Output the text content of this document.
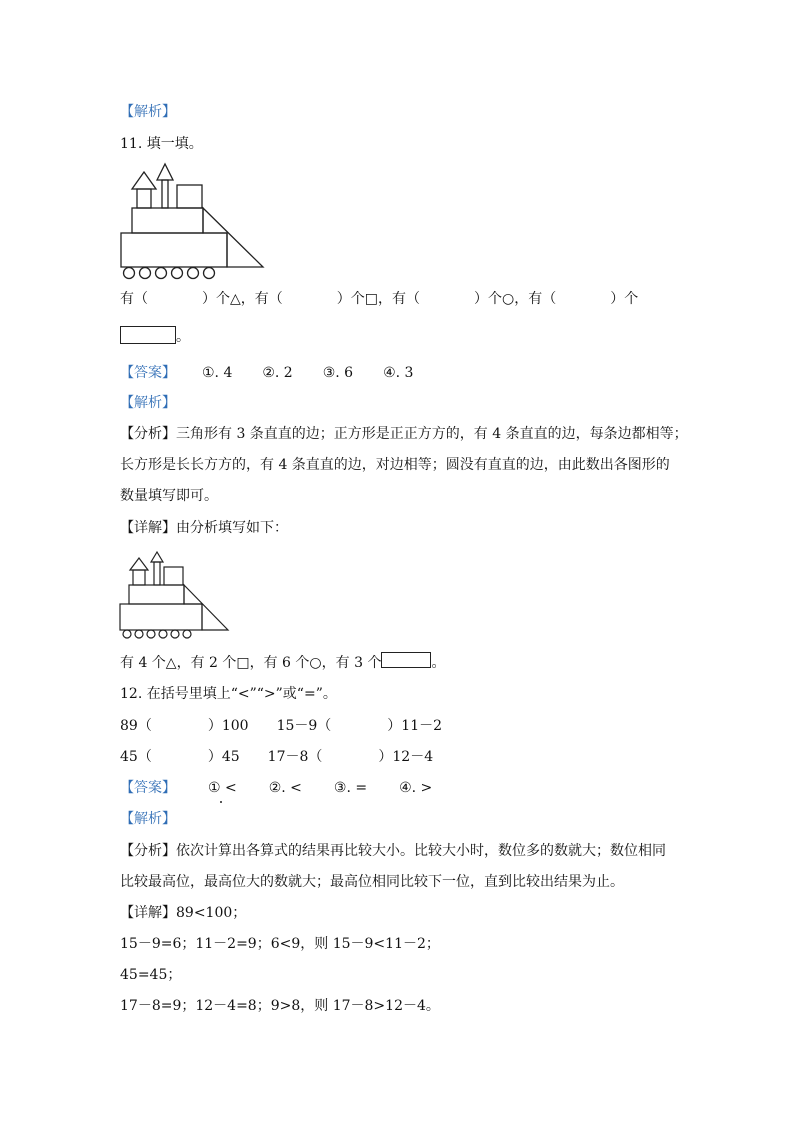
【解析】
11. 填一填。
有（	）个△，有（	）个□，有（	）个○，有（	）个
。
【答案】 ①. 4 ②. 2 ③. 6 ④. 3
【解析】
【分析】三角形有 3 条直直的边；正方形是正正方方的，有 4 条直直的边，每条边都相等；
长方形是长长方方的，有 4 条直直的边，对边相等；圆没有直直的边，由此数出各图形的
数量填写即可。
【详解】由分析填写如下：
有 4 个△，有 2 个□，有 6 个○，有 3 个	。
12. 在括号里填上“<”“>”或“=”。
89（	）100 15－9（	）11－2
45（	）45 17－8（	）12－4
【答案】 ① < ②. < ③. = ④. >
【解析】
【分析】依次计算出各算式的结果再比较大小。比较大小时，数位多的数就大；数位相同
比较最高位，最高位大的数就大；最高位相同比较下一位，直到比较出结果为止。
【详解】89<100；
15－9=6；11－2=9；6<9，则 15－9<11－2；
45=45；
17－8=9；12－4=8；9>8，则 17－8>12－4。
